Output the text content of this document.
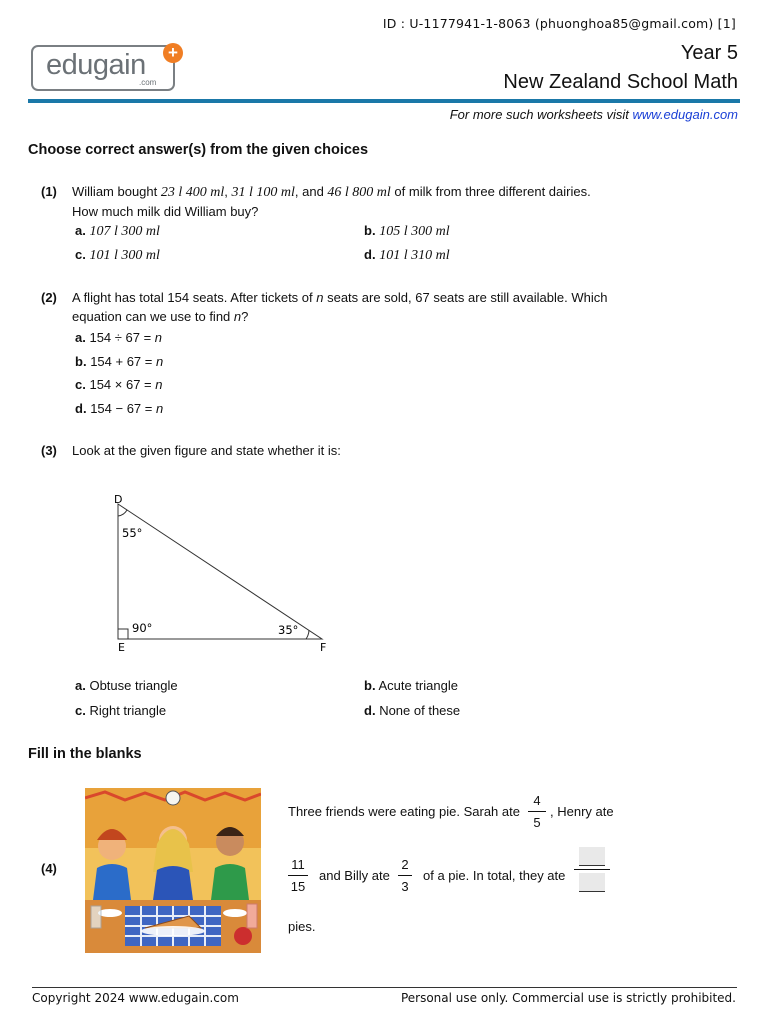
ID : U-1177941-1-8063 (phuonghoa85@gmail.com) [1]
edugain
.com
+	Year 5
New Zealand School Math
For more such worksheets visit www.edugain.com
Choose correct answer(s) from the given choices
(1) William bought 23 l 400 ml, 31 l 100 ml, and 46 l 800 ml of milk from three different dairies.
How much milk did William buy?
a. 107 l 300 ml	b. 105 l 300 ml
c. 101 l 300 ml	d. 101 l 310 ml
(2) A flight has total 154 seats. After tickets of n seats are sold, 67 seats are still available. Which
equation can we use to find n?
a. 154 ÷ 67 = n
b. 154 + 67 = n
c. 154 × 67 = n
d. 154 − 67 = n
(3) Look at the given figure and state whether it is:
D
E	F
55°
90°	35°
a. Obtuse triangle	b. Acute triangle
c. Right triangle	d. None of these
Fill in the blanks
(4)
Three friends were eating pie. Sarah ate
4
5
, Henry ate
11
15
and Billy ate
2
3
of a pie. In total, they ate
pies.
Copyright 2024 www.edugain.com	Personal use only. Commercial use is strictly prohibited.
